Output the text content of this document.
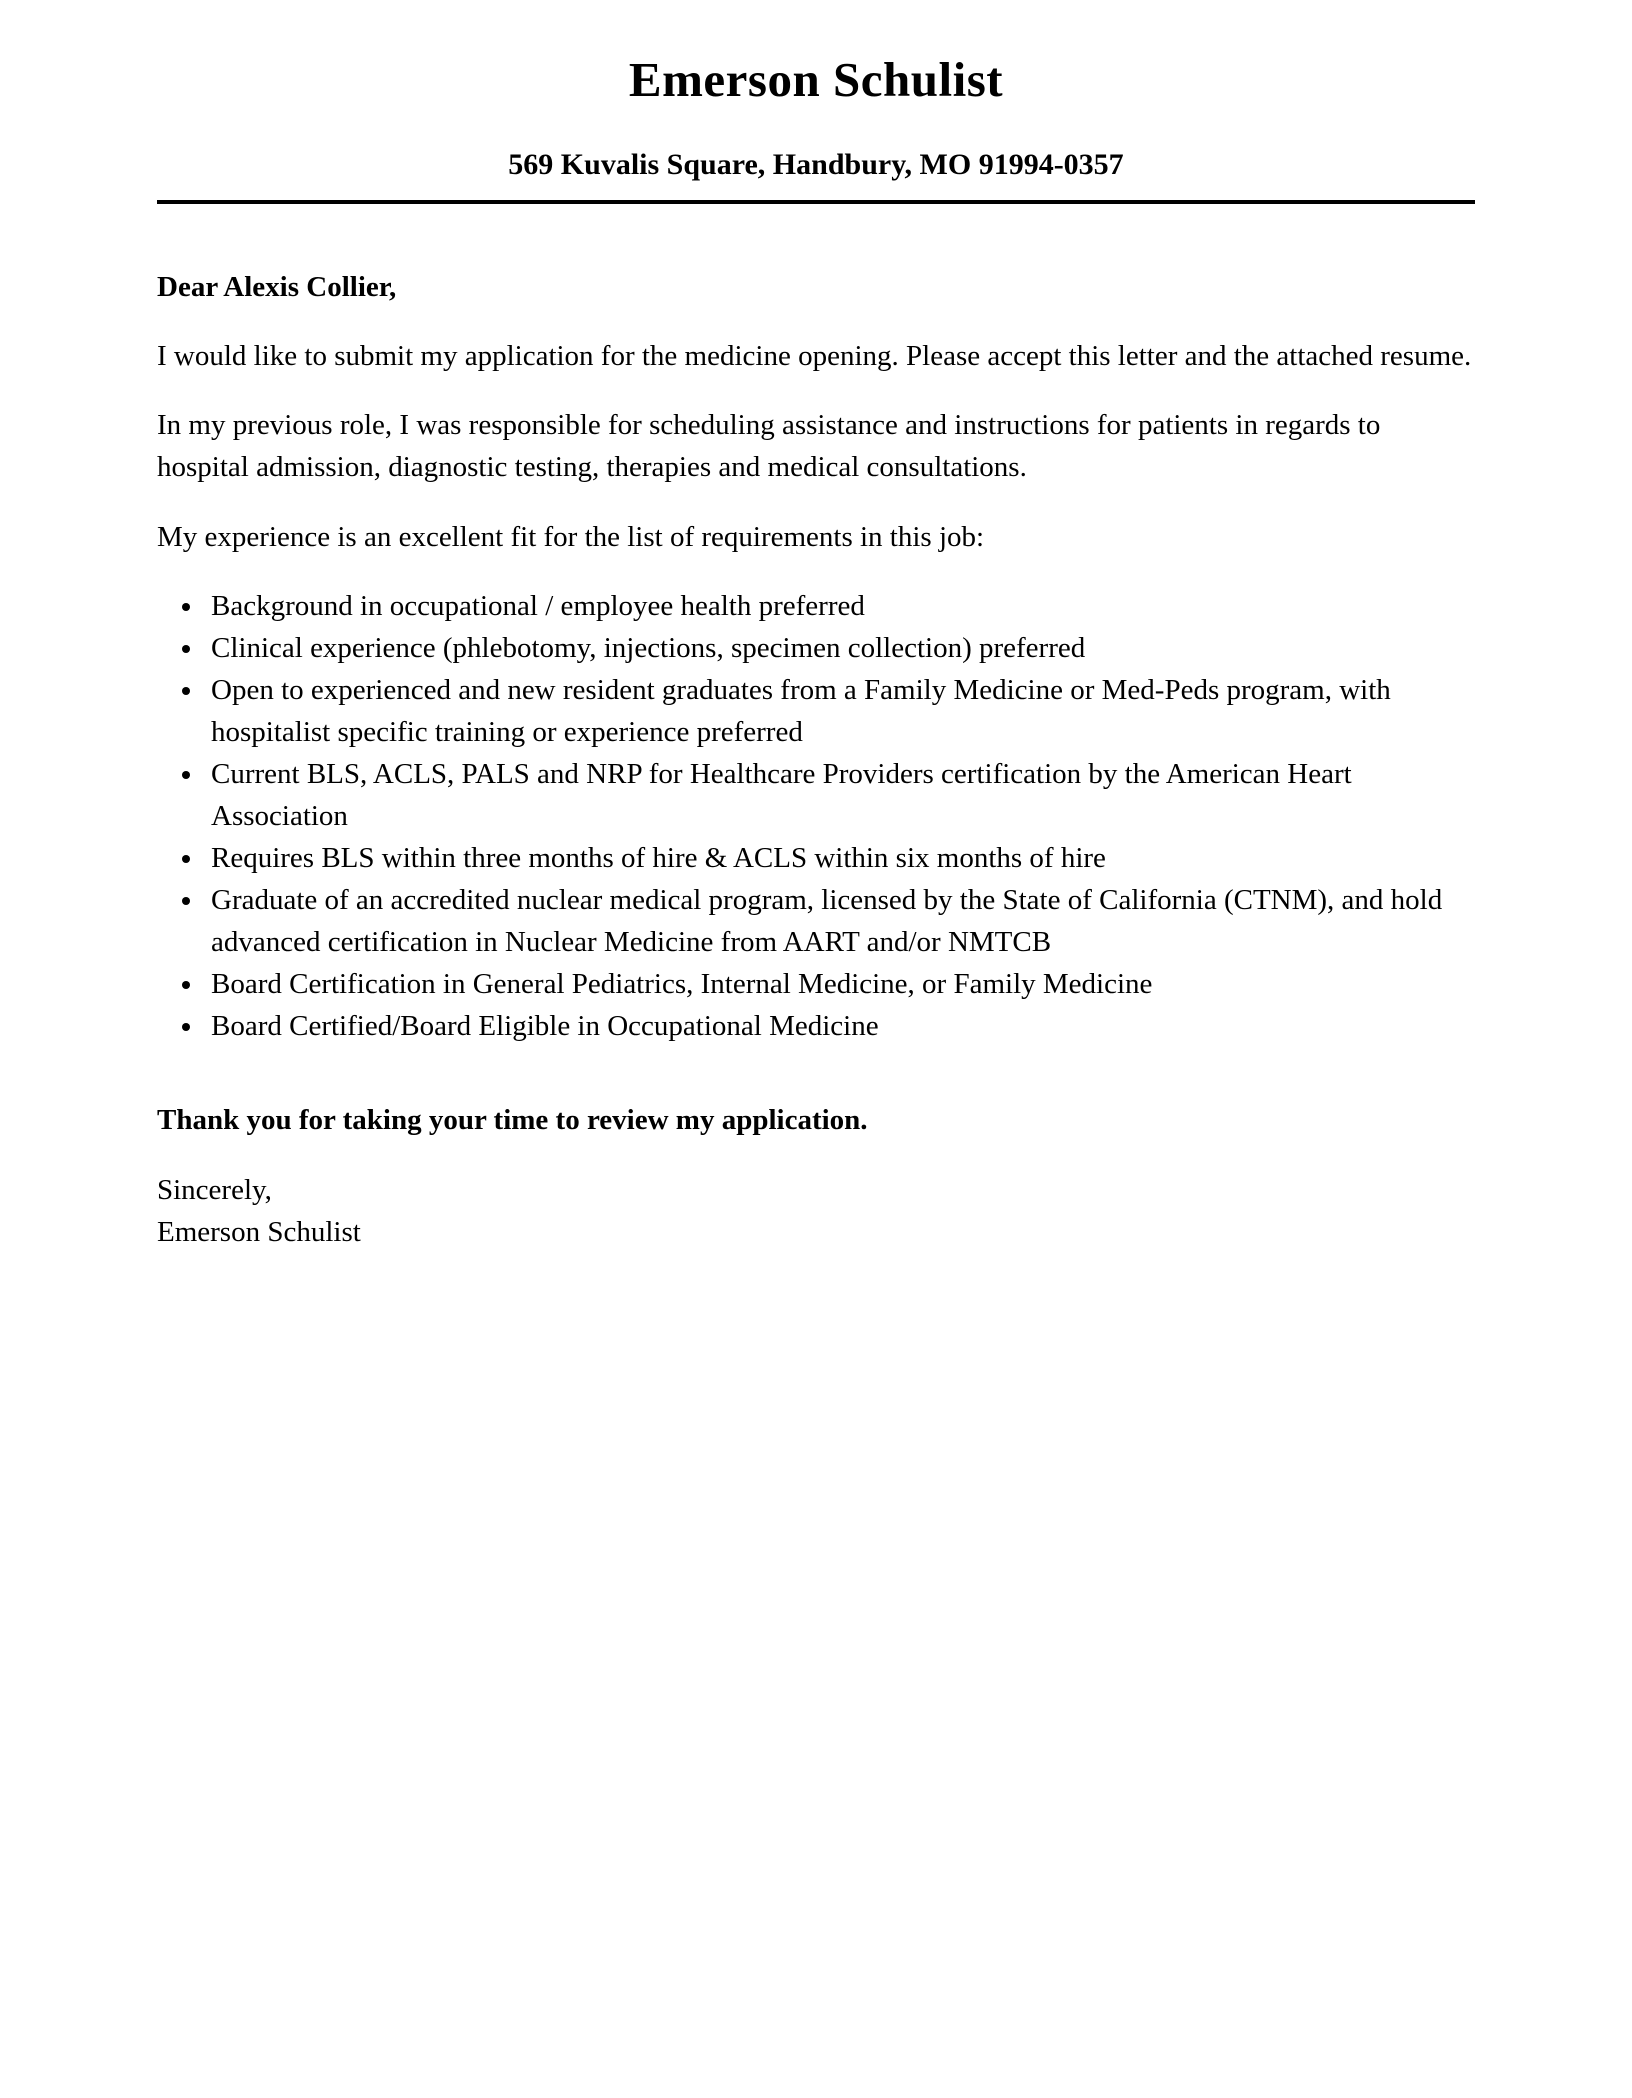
Emerson Schulist
569 Kuvalis Square, Handbury, MO 91994-0357
Dear Alexis Collier,
I would like to submit my application for the medicine opening. Please accept this letter and the attached resume.
In my previous role, I was responsible for scheduling assistance and instructions for patients in regards to hospital admission, diagnostic testing, therapies and medical consultations.
My experience is an excellent fit for the list of requirements in this job:
• Background in occupational / employee health preferred
• Clinical experience (phlebotomy, injections, specimen collection) preferred
• Open to experienced and new resident graduates from a Family Medicine or Med-Peds program, with hospitalist specific training or experience preferred
• Current BLS, ACLS, PALS and NRP for Healthcare Providers certification by the American Heart Association
• Requires BLS within three months of hire & ACLS within six months of hire
• Graduate of an accredited nuclear medical program, licensed by the State of California (CTNM), and hold advanced certification in Nuclear Medicine from AART and/or NMTCB
• Board Certification in General Pediatrics, Internal Medicine, or Family Medicine
• Board Certified/Board Eligible in Occupational Medicine
Thank you for taking your time to review my application.
Sincerely,
Emerson Schulist
